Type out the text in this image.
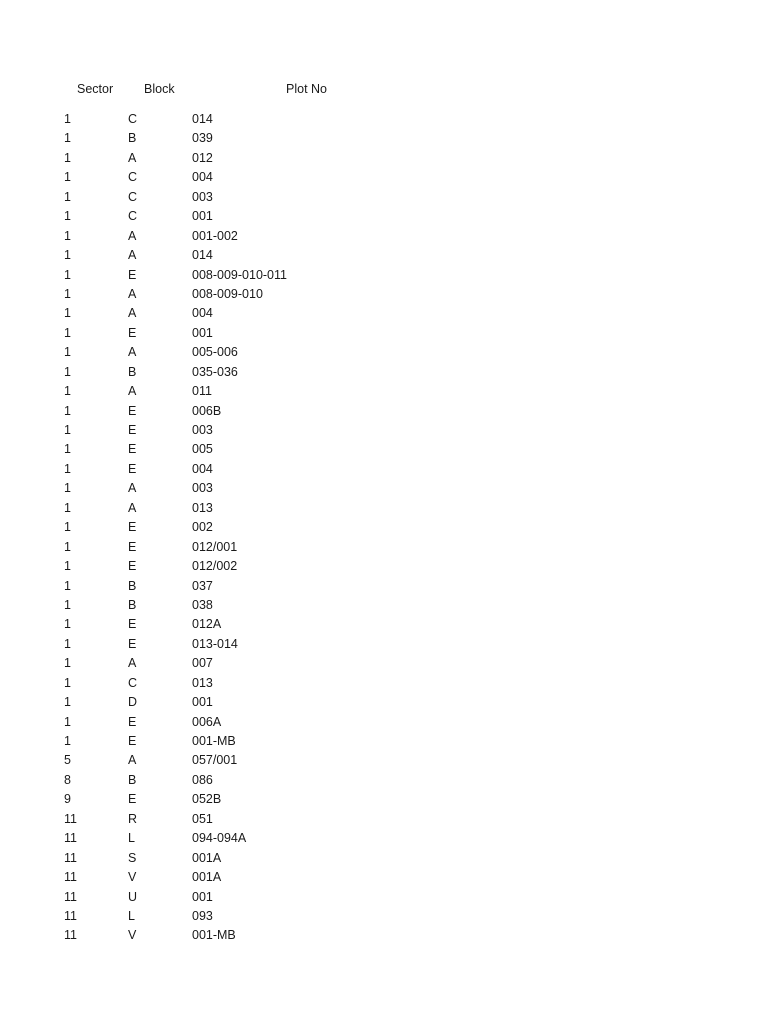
Sector Block	Plot No
1	C	014
1	B	039
1	A	012
1	C	004
1	C	003
1	C	001
1	A	001-002
1	A	014
1	E	008-009-010-011
1	A	008-009-010
1	A	004
1	E	001
1	A	005-006
1	B	035-036
1	A	011
1	E	006B
1	E	003
1	E	005
1	E	004
1	A	003
1	A	013
1	E	002
1	E	012/001
1	E	012/002
1	B	037
1	B	038
1	E	012A
1	E	013-014
1	A	007
1	C	013
1	D	001
1	E	006A
1	E	001-MB
5	A	057/001
8	B	086
9	E	052B
11	R	051
11	L	094-094A
11	S	001A
11	V	001A
11	U	001
11	L	093
11	V	001-MB
